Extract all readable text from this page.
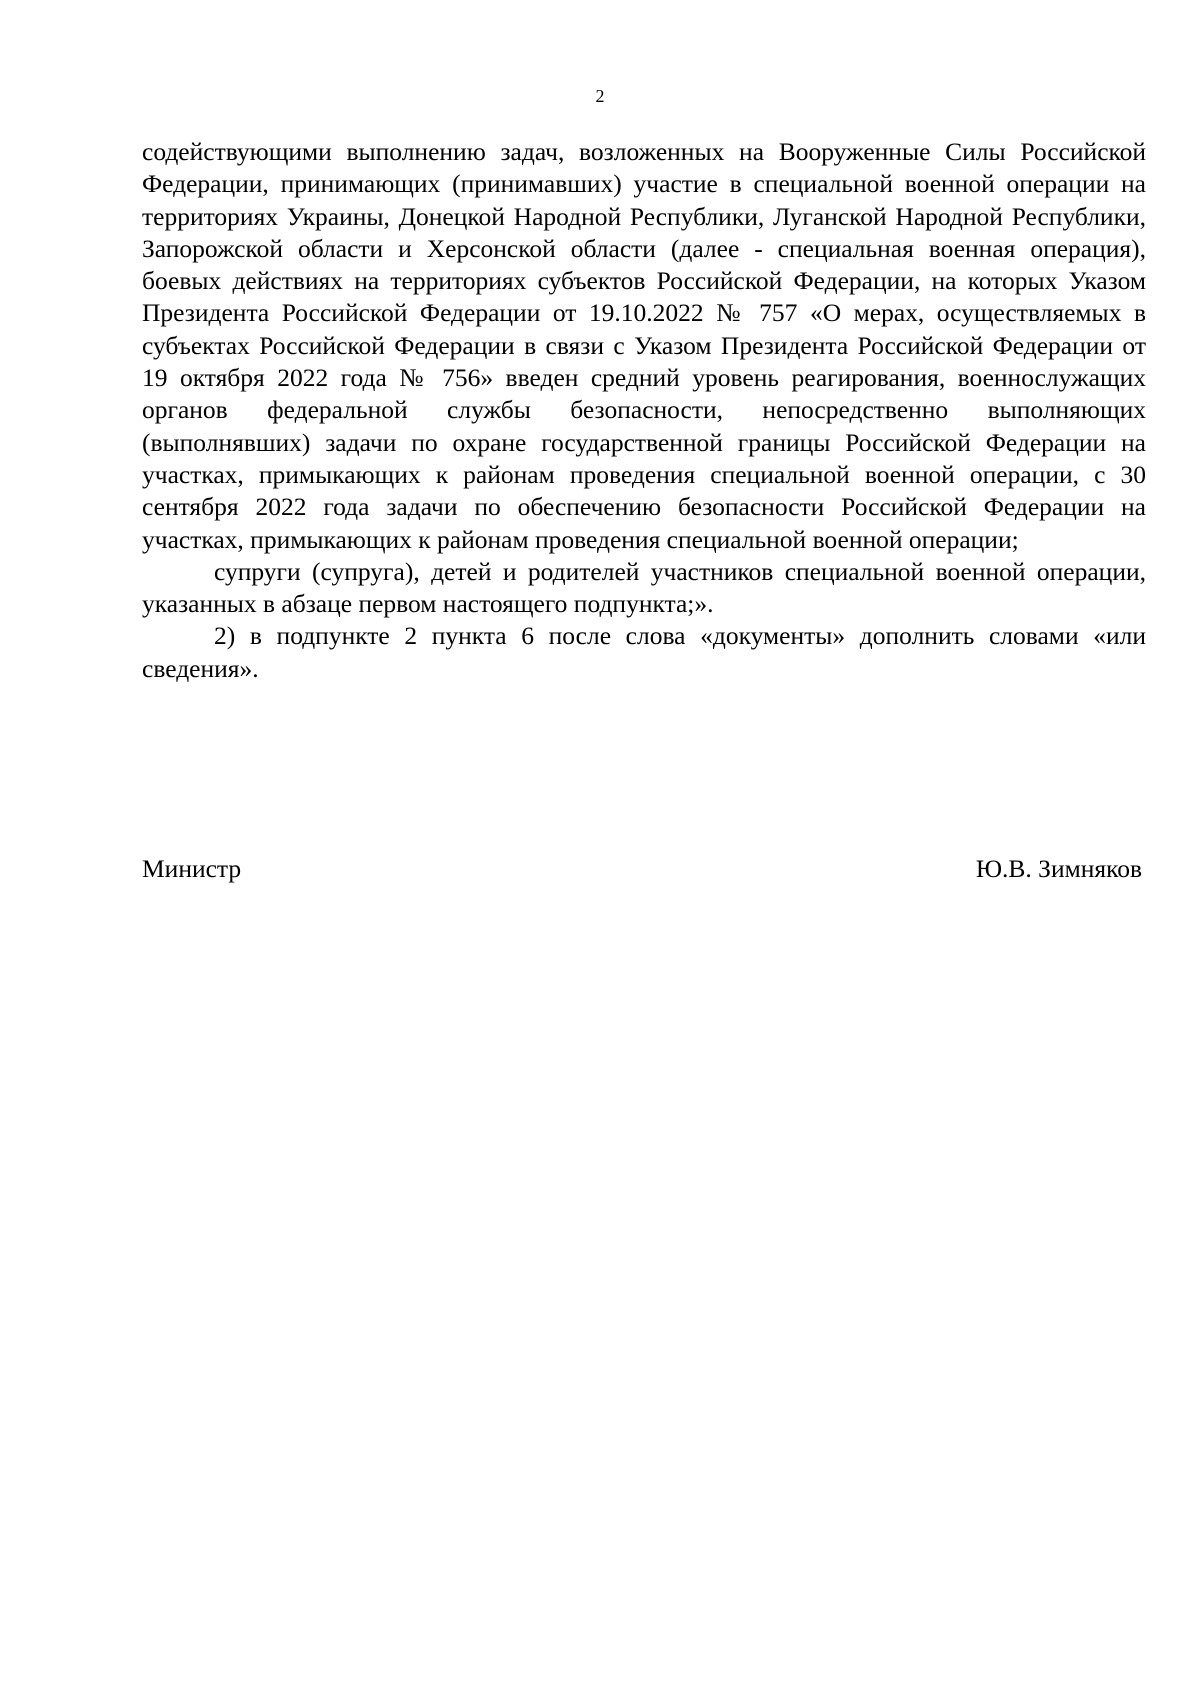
2

содействующими выполнению задач, возложенных на Вооруженные Силы Российской Федерации, принимающих (принимавших) участие в специальной военной операции на территориях Украины, Донецкой Народной Республики, Луганской Народной Республики, Запорожской области и Херсонской области (далее - специальная военная операция), боевых действиях на территориях субъектов Российской Федерации, на которых Указом Президента Российской Федерации от 19.10.2022 № 757 «О мерах, осуществляемых в субъектах Российской Федерации в связи с Указом Президента Российской Федерации от 19 октября 2022 года № 756» введен средний уровень реагирования, военнослужащих органов федеральной службы безопасности, непосредственно выполняющих (выполнявших) задачи по охране государственной границы Российской Федерации на участках, примыкающих к районам проведения специальной военной операции, с 30 сентября 2022 года задачи по обеспечению безопасности Российской Федерации на участках, примыкающих к районам проведения специальной военной операции;

супруги (супруга), детей и родителей участников специальной военной операции, указанных в абзаце первом настоящего подпункта;».

2) в подпункте 2 пункта 6 после слова «документы» дополнить словами «или сведения».

Министр	Ю.В. Зимняков
